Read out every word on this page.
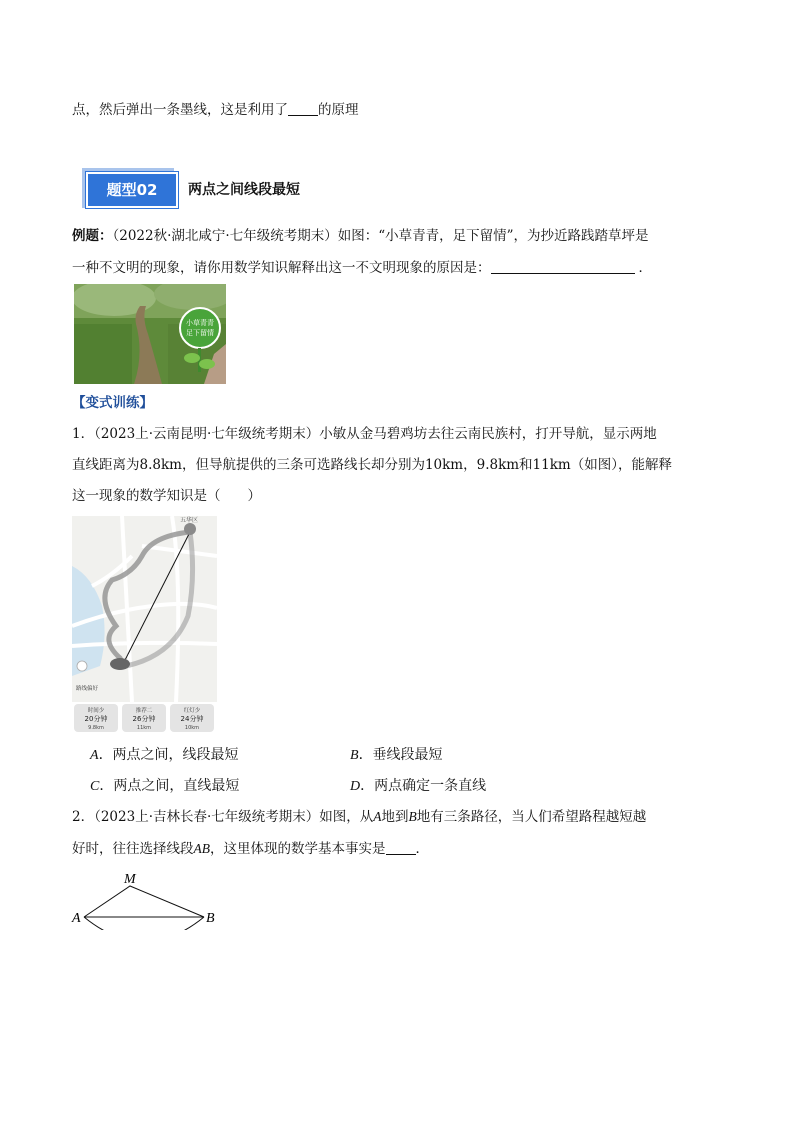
点，然后弹出一条墨线，这是利用了 的原理
题型02	两点之间线段最短
例题：（2022秋·湖北咸宁·七年级统考期末）如图：“小草青青，足下留情”，为抄近路践踏草坪是
一种不文明的现象，请你用数学知识解释出这一不文明现象的原因是：	．
小草青青
足下留情
【变式训练】
1．（2023上·云南昆明·七年级统考期末）小敏从金马碧鸡坊去往云南民族村，打开导航，显示两地
直线距离为8.8km，但导航提供的三条可选路线长却分别为10km，9.8km和11km（如图），能解释
这一现象的数学知识是（　　）
五华区
路线偏好
时间少
20分钟
9.8km
推荐二
26分钟
11km
红灯少
24分钟
10km
A．两点之间，线段最短	B．垂线段最短
C．两点之间，直线最短	D．两点确定一条直线
2．（2023上·吉林长春·七年级统考期末）如图，从A地到B地有三条路径，当人们希望路程越短越
好时，往往选择线段AB，这里体现的数学基本事实是 ．
A	B
M
